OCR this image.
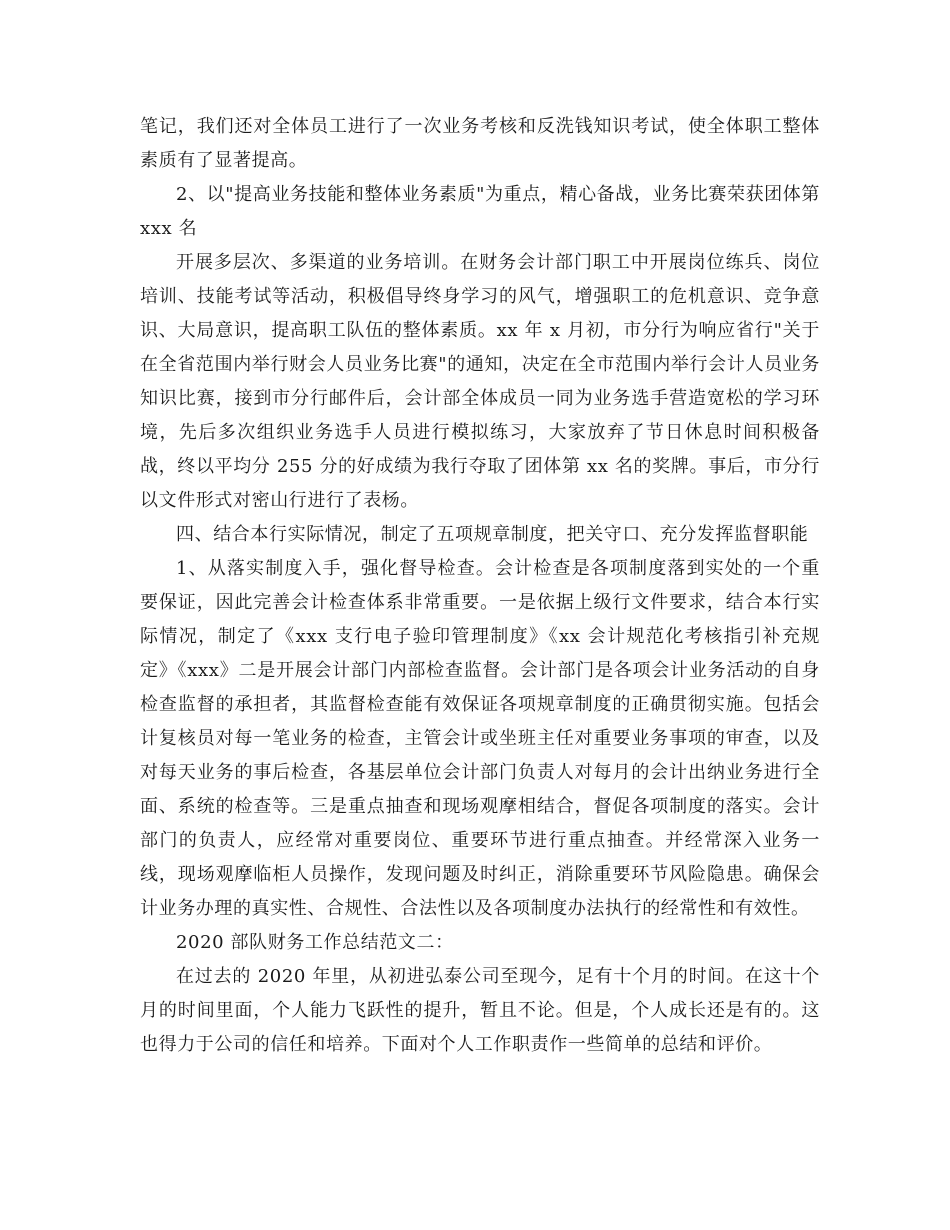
笔记，我们还对全体员工进行了一次业务考核和反洗钱知识考试，使全体职工整体素质有了显著提高。

2、以"提高业务技能和整体业务素质"为重点，精心备战，业务比赛荣获团体第 xxx 名

开展多层次、多渠道的业务培训。在财务会计部门职工中开展岗位练兵、岗位培训、技能考试等活动，积极倡导终身学习的风气，增强职工的危机意识、竞争意识、大局意识，提高职工队伍的整体素质。xx 年 x 月初，市分行为响应省行"关于在全省范围内举行财会人员业务比赛"的通知，决定在全市范围内举行会计人员业务知识比赛，接到市分行邮件后，会计部全体成员一同为业务选手营造宽松的学习环境，先后多次组织业务选手人员进行模拟练习，大家放弃了节日休息时间积极备战，终以平均分 255 分的好成绩为我行夺取了团体第 xx 名的奖牌。事后，市分行以文件形式对密山行进行了表杨。

四、结合本行实际情况，制定了五项规章制度，把关守口、充分发挥监督职能

1、从落实制度入手，强化督导检查。会计检查是各项制度落到实处的一个重要保证，因此完善会计检查体系非常重要。一是依据上级行文件要求，结合本行实际情况，制定了《xxx 支行电子验印管理制度》《xx 会计规范化考核指引补充规定》《xxx》二是开展会计部门内部检查监督。会计部门是各项会计业务活动的自身检查监督的承担者，其监督检查能有效保证各项规章制度的正确贯彻实施。包括会计复核员对每一笔业务的检查，主管会计或坐班主任对重要业务事项的审查，以及对每天业务的事后检查，各基层单位会计部门负责人对每月的会计出纳业务进行全面、系统的检查等。三是重点抽查和现场观摩相结合，督促各项制度的落实。会计部门的负责人，应经常对重要岗位、重要环节进行重点抽查。并经常深入业务一线，现场观摩临柜人员操作，发现问题及时纠正，消除重要环节风险隐患。确保会计业务办理的真实性、合规性、合法性以及各项制度办法执行的经常性和有效性。

2020 部队财务工作总结范文二：

在过去的 2020 年里，从初进弘泰公司至现今，足有十个月的时间。在这十个月的时间里面，个人能力飞跃性的提升，暂且不论。但是，个人成长还是有的。这也得力于公司的信任和培养。下面对个人工作职责作一些简单的总结和评价。
